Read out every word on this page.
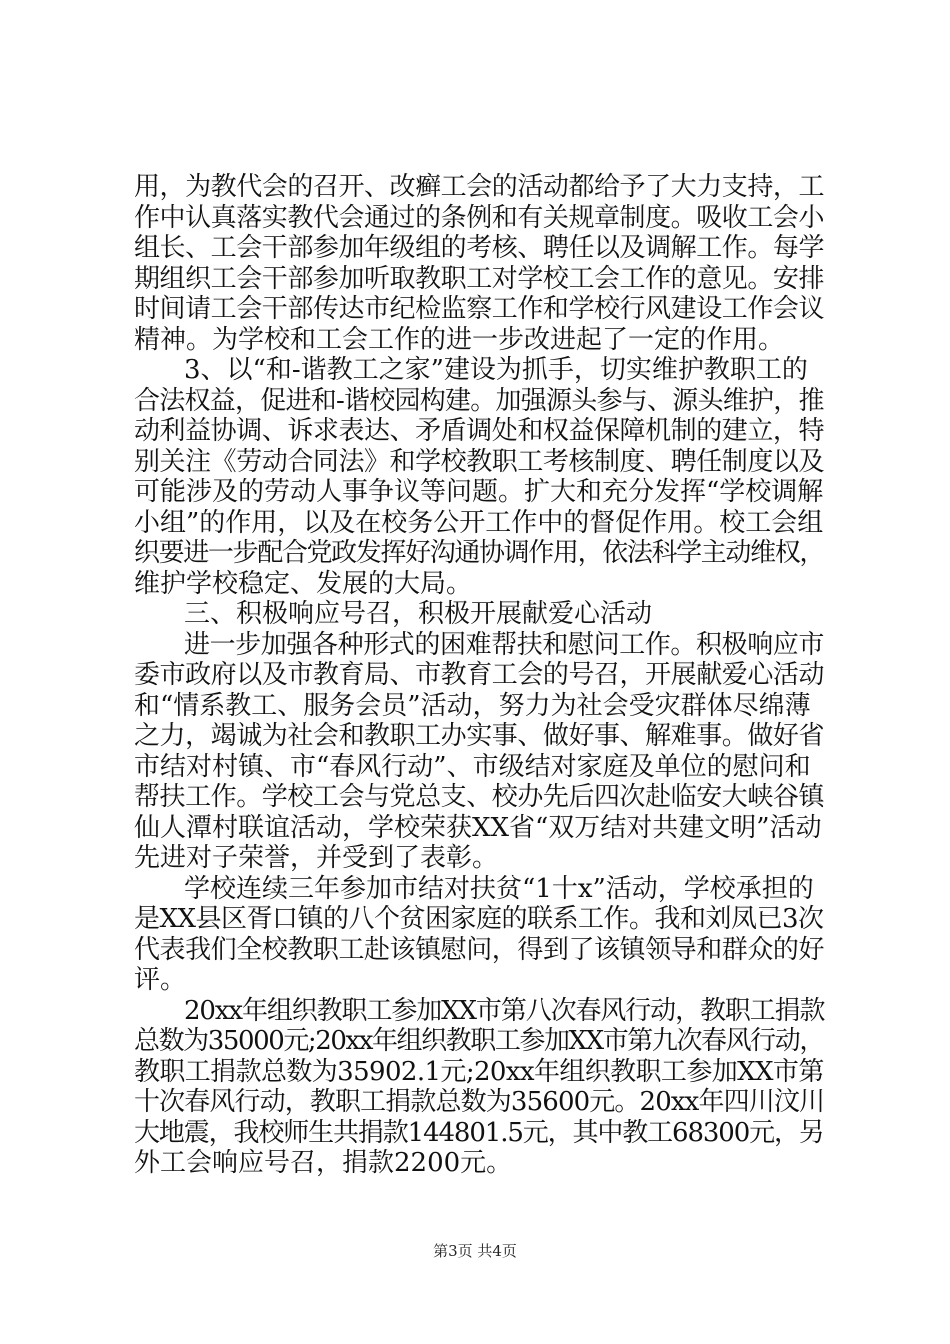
用，为教代会的召开、改癣工会的活动都给予了大力支持，工
作中认真落实教代会通过的条例和有关规章制度。吸收工会小
组长、工会干部参加年级组的考核、聘任以及调解工作。每学
期组织工会干部参加听取教职工对学校工会工作的意见。安排
时间请工会干部传达市纪检监察工作和学校行风建设工作会议
精神。为学校和工会工作的进一步改进起了一定的作用。
3、以“和-谐教工之家”建设为抓手，切实维护教职工的
合法权益，促进和-谐校园构建。加强源头参与、源头维护，推
动利益协调、诉求表达、矛盾调处和权益保障机制的建立，特
别关注《劳动合同法》和学校教职工考核制度、聘任制度以及
可能涉及的劳动人事争议等问题。扩大和充分发挥“学校调解
小组”的作用，以及在校务公开工作中的督促作用。校工会组
织要进一步配合党政发挥好沟通协调作用，依法科学主动维权，
维护学校稳定、发展的大局。
三、积极响应号召，积极开展献爱心活动
进一步加强各种形式的困难帮扶和慰问工作。积极响应市
委市政府以及市教育局、市教育工会的号召，开展献爱心活动
和“情系教工、服务会员”活动，努力为社会受灾群体尽绵薄
之力，竭诚为社会和教职工办实事、做好事、解难事。做好省
市结对村镇、市“春风行动”、市级结对家庭及单位的慰问和
帮扶工作。学校工会与党总支、校办先后四次赴临安大峡谷镇
仙人潭村联谊活动，学校荣获XX省“双万结对共建文明”活动
先进对子荣誉，并受到了表彰。
学校连续三年参加市结对扶贫“1十x”活动，学校承担的
是XX县区胥口镇的八个贫困家庭的联系工作。我和刘凤已3次
代表我们全校教职工赴该镇慰问，得到了该镇领导和群众的好
评。
20xx年组织教职工参加XX市第八次春风行动，教职工捐款
总数为35000元;20xx年组织教职工参加XX市第九次春风行动，
教职工捐款总数为35902.1元;20xx年组织教职工参加XX市第
十次春风行动，教职工捐款总数为35600元。20xx年四川汶川
大地震，我校师生共捐款144801.5元，其中教工68300元，另
外工会响应号召，捐款2200元。
第3页 共4页
